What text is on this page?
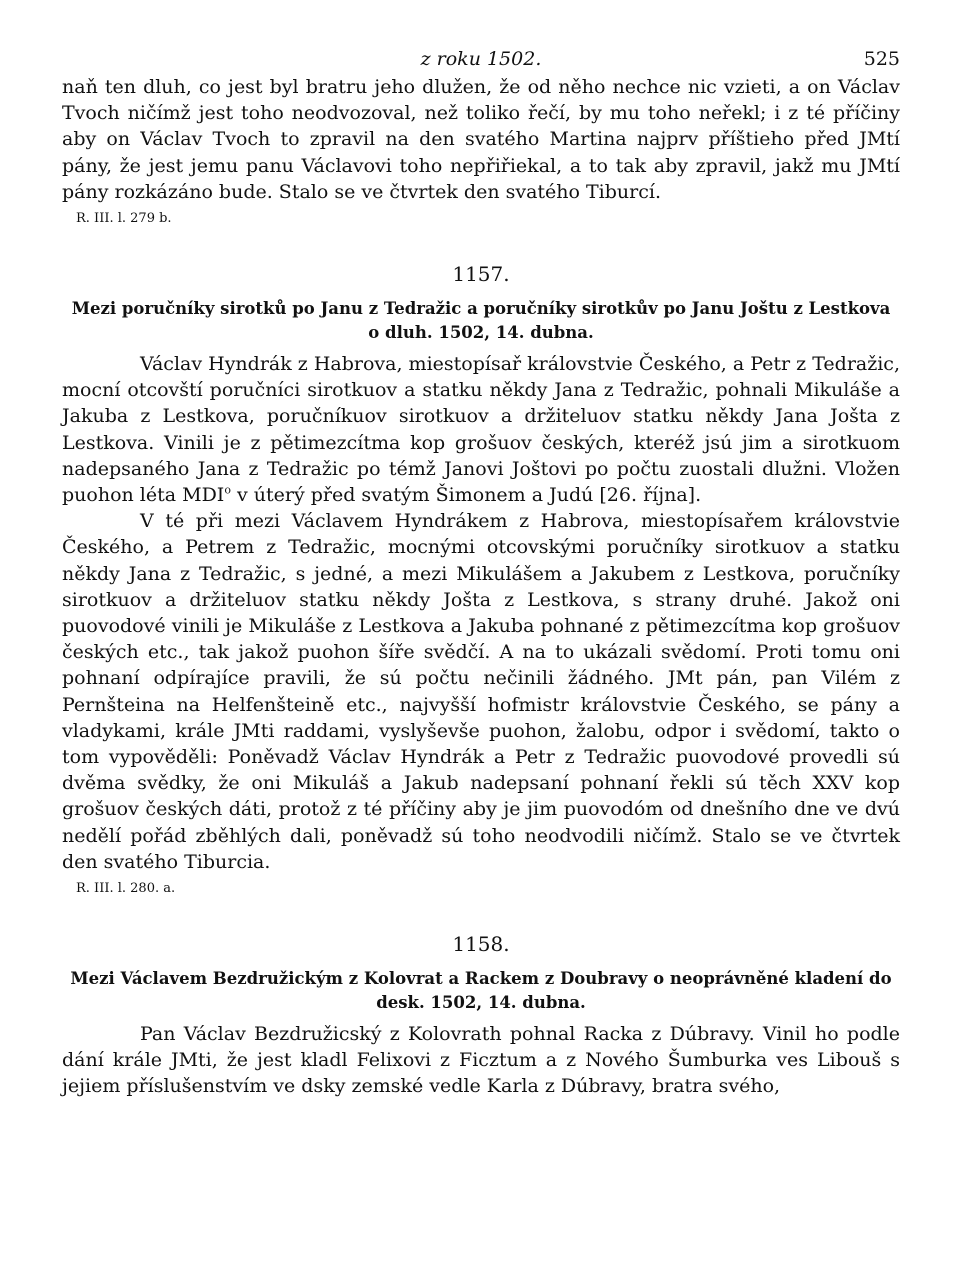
z roku 1502.	525

naň ten dluh, co jest byl bratru jeho dlužen, že od něho nechce nic vzieti, a on Václav Tvoch ničímž jest toho neodvozoval, než toliko řečí, by mu toho neřekl; i z té příčiny aby on Václav Tvoch to zpravil na den svatého Martina najprv příštieho před JMtí pány, že jest jemu panu Václavovi toho nepřiřiekal, a to tak aby zpravil, jakž mu JMtí pány rozkázáno bude. Stalo se ve čtvrtek den svatého Tiburcí.

R. III. l. 279 b.
1157.
Mezi poručníky sirotků po Janu z Tedražic a poručníky sirotkův po Janu Joštu z Lestkova o dluh. 1502, 14. dubna.

Václav Hyndrák z Habrova, miestopísař královstvie Českého, a Petr z Tedražic, mocní otcovští poručníci sirotkuov a statku někdy Jana z Tedražic, pohnali Mikuláše a Jakuba z Lestkova, poručníkuov sirotkuov a držiteluov statku někdy Jana Jošta z Lestkova. Vinili je z pětimezcítma kop grošuov českých, kteréž jsú jim a sirotkuom nadepsaného Jana z Tedražic po témž Janovi Joštovi po počtu zuostali dlužni. Vložen puohon léta MDI$^o$ v úterý před svatým Šimonem a Judú [26. října].

V té při mezi Václavem Hyndrákem z Habrova, miestopísařem královstvie Českého, a Petrem z Tedražic, mocnými otcovskými poručníky sirotkuov a statku někdy Jana z Tedražic, s jedné, a mezi Mikulášem a Jakubem z Lestkova, poručníky sirotkuov a držiteluov statku někdy Jošta z Lestkova, s strany druhé. Jakož oni puovodové vinili je Mikuláše z Lestkova a Jakuba pohnané z pětimezcítma kop grošuov českých etc., tak jakož puohon šíře svědčí. A na to ukázali svědomí. Proti tomu oni pohnaní odpírajíce pravili, že sú počtu nečinili žádného. JMt pán, pan Vilém z Pernšteina na Helfenšteině etc., najvyšší hofmistr královstvie Českého, se pány a vladykami, krále JMti raddami, vyslyševše puohon, žalobu, odpor i svědomí, takto o tom vypověděli: Poněvadž Václav Hyndrák a Petr z Tedražic puovodové provedli sú dvěma svědky, že oni Mikuláš a Jakub nadepsaní pohnaní řekli sú těch XXV kop grošuov českých dáti, protož z té příčiny aby je jim puovodóm od dnešního dne ve dvú nedělí pořád zběhlých dali, poněvadž sú toho neodvodili ničímž. Stalo se ve čtvrtek den svatého Tiburcia.

R. III. l. 280. a.
1158.
Mezi Václavem Bezdružickým z Kolovrat a Rackem z Doubravy o neoprávněné kladení do desk. 1502, 14. dubna.

Pan Václav Bezdružicský z Kolovrath pohnal Racka z Dúbravy. Vinil ho podle dání krále JMti, že jest kladl Felixovi z Ficztum a z Nového Šumburka ves Libouš s jejiem příslušenstvím ve dsky zemské vedle Karla z Dúbravy, bratra svého,
